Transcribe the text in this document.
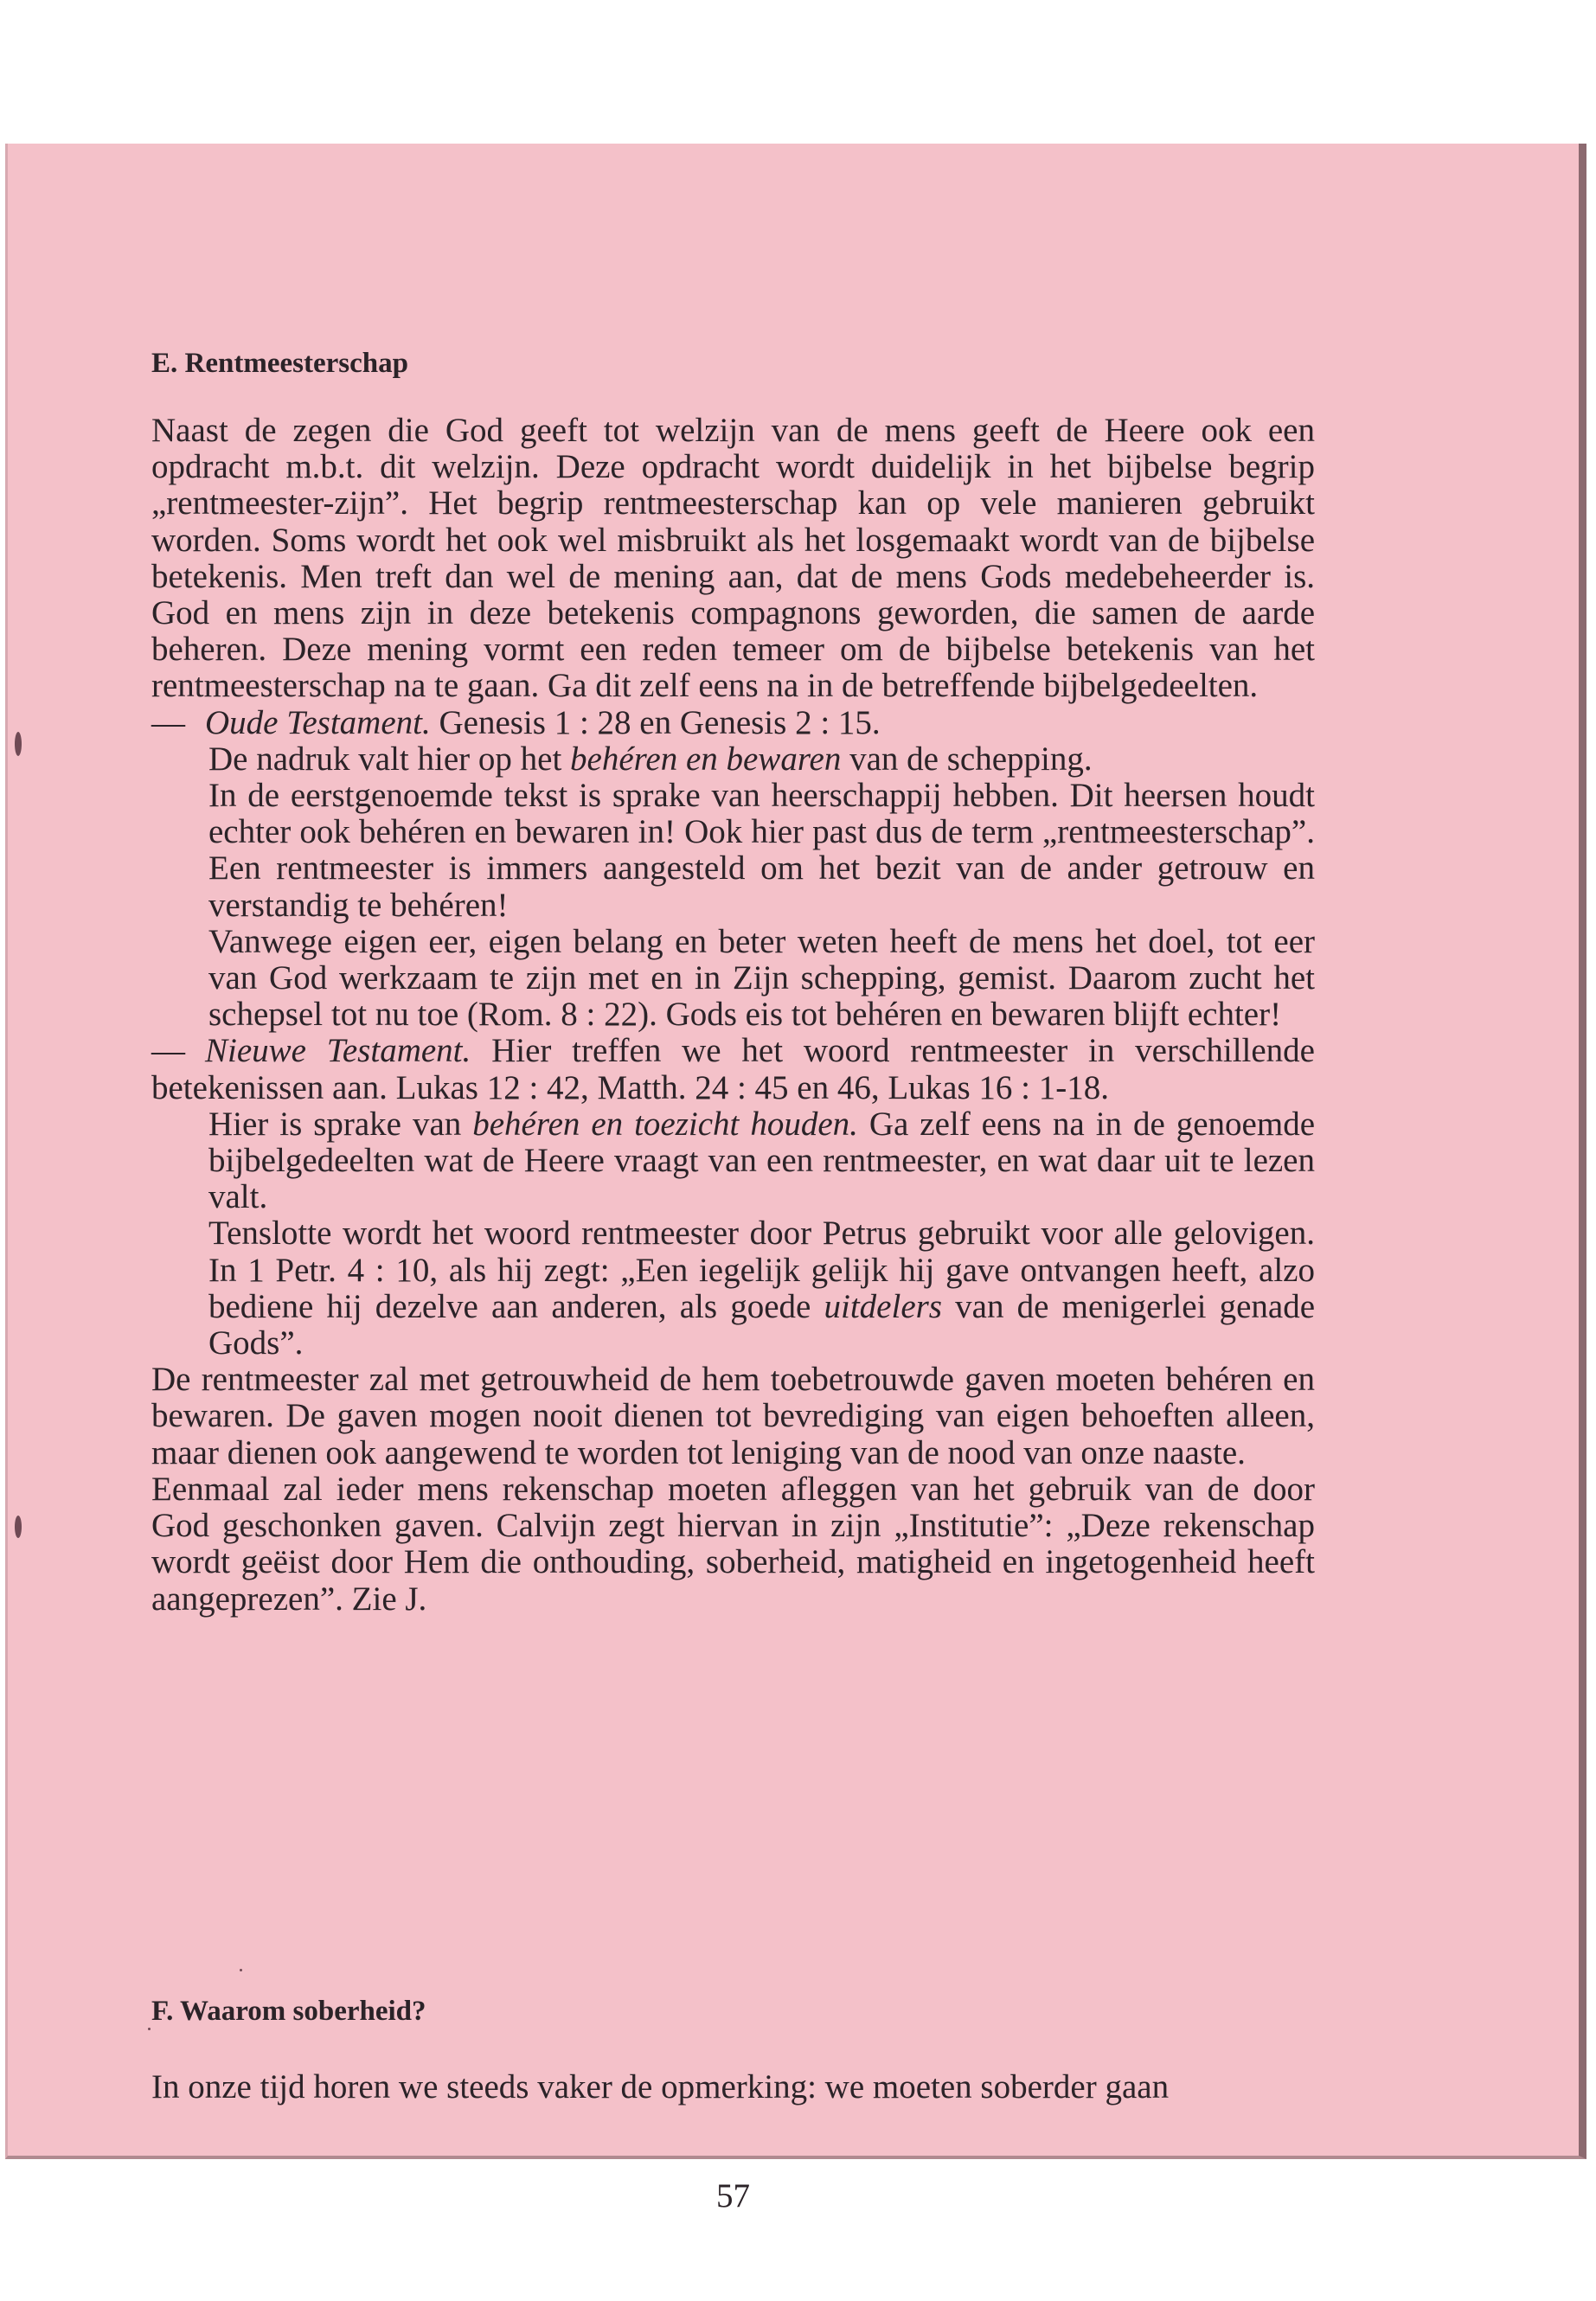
E. Rentmeesterschap

Naast de zegen die God geeft tot welzijn van de mens geeft de Heere ook een opdracht m.b.t. dit welzijn. Deze opdracht wordt duidelijk in het bijbelse begrip „rentmeester-zijn”. Het begrip rentmeesterschap kan op vele manieren gebruikt worden. Soms wordt het ook wel misbruikt als het losgemaakt wordt van de bijbelse betekenis. Men treft dan wel de mening aan, dat de mens Gods medebeheerder is. God en mens zijn in deze betekenis compagnons geworden, die samen de aarde beheren. Deze mening vormt een reden temeer om de bijbelse betekenis van het rentmeesterschap na te gaan. Ga dit zelf eens na in de betreffende bijbelgedeelten.

— Oude Testament. Genesis 1 : 28 en Genesis 2 : 15.

De nadruk valt hier op het behéren en bewaren van de schepping.

In de eerstgenoemde tekst is sprake van heerschappij hebben. Dit heersen houdt echter ook behéren en bewaren in! Ook hier past dus de term „rentmeesterschap”. Een rentmeester is immers aangesteld om het bezit van de ander getrouw en verstandig te behéren!

Vanwege eigen eer, eigen belang en beter weten heeft de mens het doel, tot eer van God werkzaam te zijn met en in Zijn schepping, gemist. Daarom zucht het schepsel tot nu toe (Rom. 8 : 22). Gods eis tot behéren en bewaren blijft echter!

— Nieuwe Testament. Hier treffen we het woord rentmeester in verschillende betekenissen aan. Lukas 12 : 42, Matth. 24 : 45 en 46, Lukas 16 : 1-18.

Hier is sprake van behéren en toezicht houden. Ga zelf eens na in de genoemde bijbelgedeelten wat de Heere vraagt van een rentmeester, en wat daar uit te lezen valt.

Tenslotte wordt het woord rentmeester door Petrus gebruikt voor alle gelovigen. In 1 Petr. 4 : 10, als hij zegt: „Een iegelijk gelijk hij gave ontvangen heeft, alzo bediene hij dezelve aan anderen, als goede uitdelers van de menigerlei genade Gods”.

De rentmeester zal met getrouwheid de hem toebetrouwde gaven moeten behéren en bewaren. De gaven mogen nooit dienen tot bevrediging van eigen behoeften alleen, maar dienen ook aangewend te worden tot leniging van de nood van onze naaste.

Eenmaal zal ieder mens rekenschap moeten afleggen van het gebruik van de door God geschonken gaven. Calvijn zegt hiervan in zijn „Institutie”: „Deze rekenschap wordt geëist door Hem die onthouding, soberheid, matigheid en ingetogenheid heeft aangeprezen”. Zie J.

F. Waarom soberheid?

In onze tijd horen we steeds vaker de opmerking: we moeten soberder gaan

57
